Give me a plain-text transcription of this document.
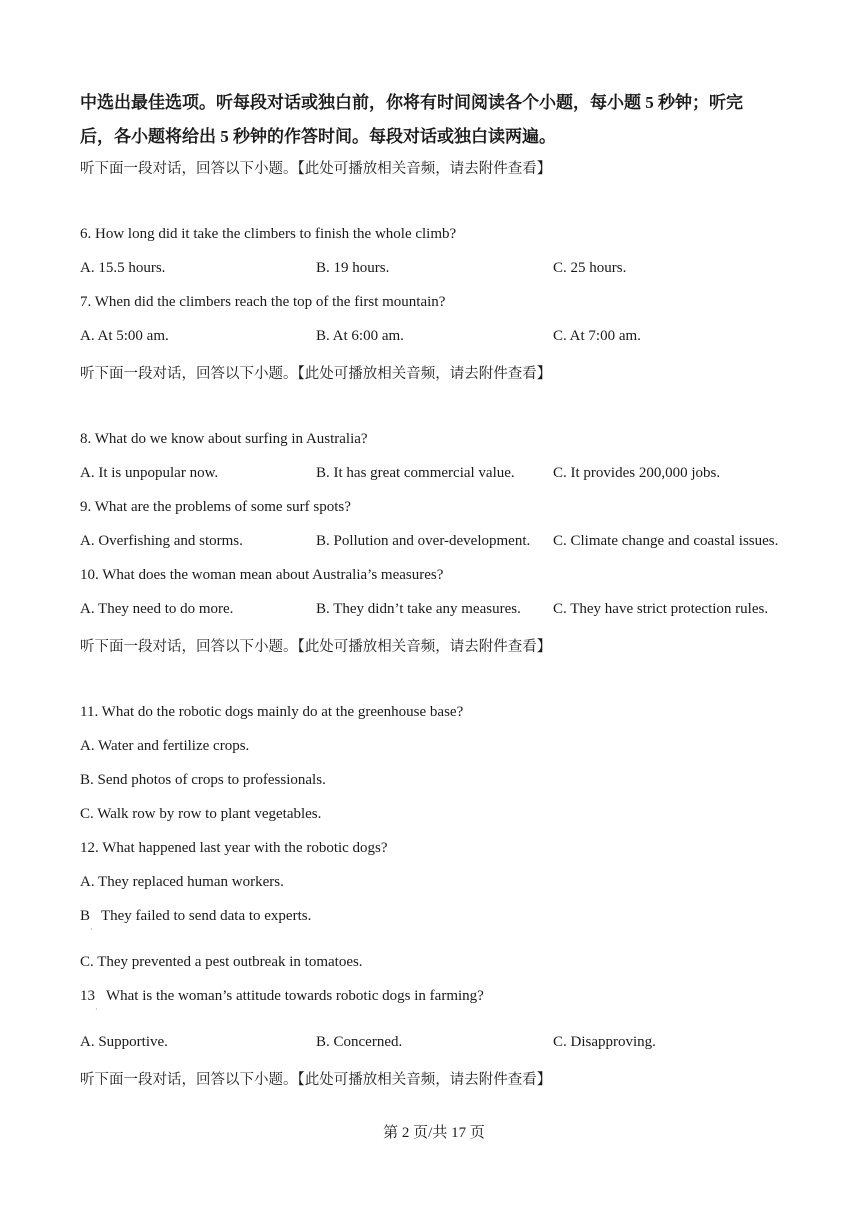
中选出最佳选项。听每段对话或独白前，你将有时间阅读各个小题，每小题 5 秒钟；听完
后，各小题将给出 5 秒钟的作答时间。每段对话或独白读两遍。
听下面一段对话，回答以下小题。【此处可播放相关音频，请去附件查看】
6. How long did it take the climbers to finish the whole climb?
A. 15.5 hours.	B. 19 hours.	C. 25 hours.
7. When did the climbers reach the top of the first mountain?
A. At 5:00 am.	B. At 6:00 am.	C. At 7:00 am.
听下面一段对话，回答以下小题。【此处可播放相关音频，请去附件查看】
8. What do we know about surfing in Australia?
A. It is unpopular now.	B. It has great commercial value.	C. It provides 200,000 jobs.
9. What are the problems of some surf spots?
A. Overfishing and storms.	B. Pollution and over-development. C. Climate change and coastal issues.
10. What does the woman mean about Australia’s measures?
A. They need to do more.	B. They didn’t take any measures. C. They have strict protection rules.
听下面一段对话，回答以下小题。【此处可播放相关音频，请去附件查看】
11. What do the robotic dogs mainly do at the greenhouse base?
A. Water and fertilize crops.
B. Send photos of crops to professionals.
C. Walk row by row to plant vegetables.
12. What happened last year with the robotic dogs?
A. They replaced human workers.
B   They failed to send data to experts.
·
C. They prevented a pest outbreak in tomatoes.
13   What is the woman’s attitude towards robotic dogs in farming?
·
A. Supportive.	B. Concerned.	C. Disapproving.
听下面一段对话，回答以下小题。【此处可播放相关音频，请去附件查看】
第 2 页/共 17 页
